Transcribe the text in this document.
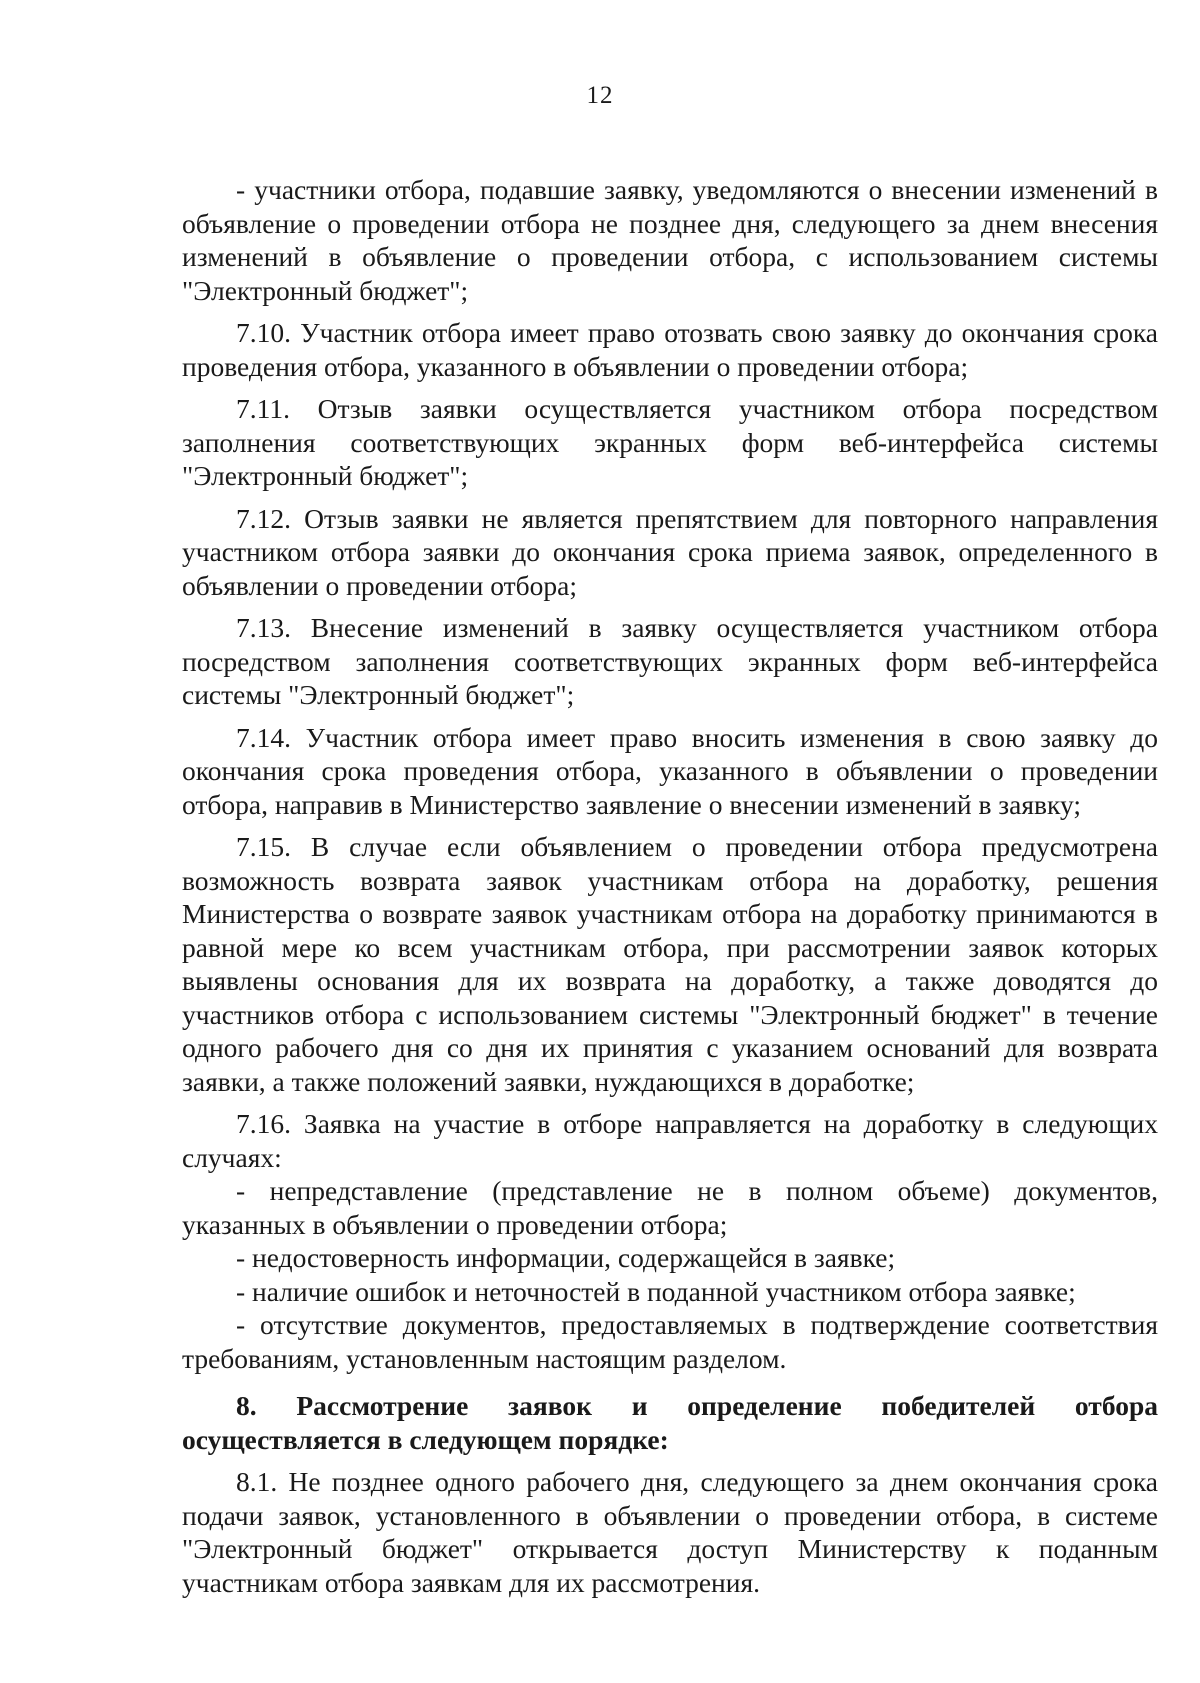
12

- участники отбора, подавшие заявку, уведомляются о внесении изменений в объявление о проведении отбора не позднее дня, следующего за днем внесения изменений в объявление о проведении отбора, с использованием системы "Электронный бюджет";

7.10. Участник отбора имеет право отозвать свою заявку до окончания срока проведения отбора, указанного в объявлении о проведении отбора;

7.11. Отзыв заявки осуществляется участником отбора посредством заполнения соответствующих экранных форм веб-интерфейса системы "Электронный бюджет";

7.12. Отзыв заявки не является препятствием для повторного направления участником отбора заявки до окончания срока приема заявок, определенного в объявлении о проведении отбора;

7.13. Внесение изменений в заявку осуществляется участником отбора посредством заполнения соответствующих экранных форм веб-интерфейса системы "Электронный бюджет";

7.14. Участник отбора имеет право вносить изменения в свою заявку до окончания срока проведения отбора, указанного в объявлении о проведении отбора, направив в Министерство заявление о внесении изменений в заявку;

7.15. В случае если объявлением о проведении отбора предусмотрена возможность возврата заявок участникам отбора на доработку, решения Министерства о возврате заявок участникам отбора на доработку принимаются в равной мере ко всем участникам отбора, при рассмотрении заявок которых выявлены основания для их возврата на доработку, а также доводятся до участников отбора с использованием системы "Электронный бюджет" в течение одного рабочего дня со дня их принятия с указанием оснований для возврата заявки, а также положений заявки, нуждающихся в доработке;

7.16. Заявка на участие в отборе направляется на доработку в следующих случаях:

- непредставление (представление не в полном объеме) документов, указанных в объявлении о проведении отбора;

- недостоверность информации, содержащейся в заявке;

- наличие ошибок и неточностей в поданной участником отбора заявке;

- отсутствие документов, предоставляемых в подтверждение соответствия требованиям, установленным настоящим разделом.

8. Рассмотрение заявок и определение победителей отбора осуществляется в следующем порядке:

8.1. Не позднее одного рабочего дня, следующего за днем окончания срока подачи заявок, установленного в объявлении о проведении отбора, в системе "Электронный бюджет" открывается доступ Министерству к поданным участникам отбора заявкам для их рассмотрения.
